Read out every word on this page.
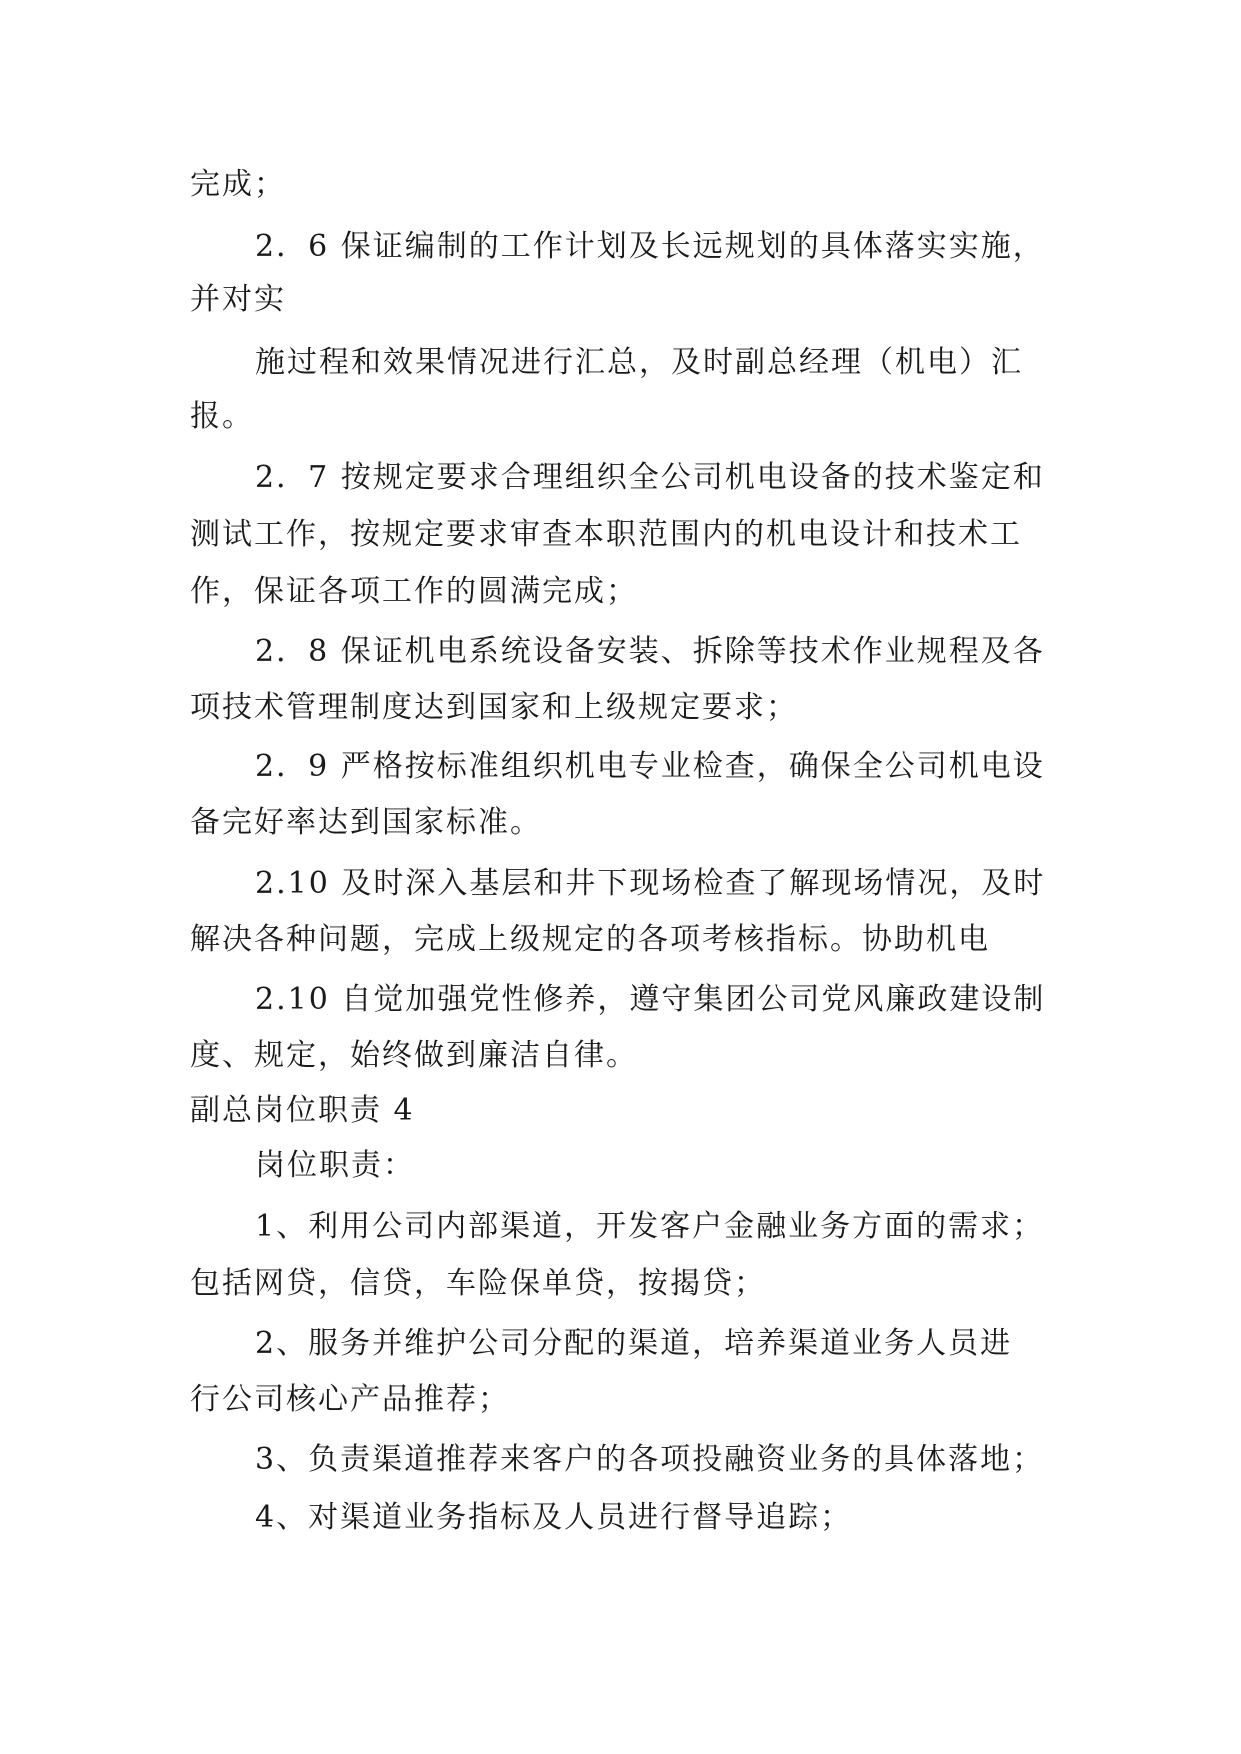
完成；
2．6 保证编制的工作计划及长远规划的具体落实实施，
并对实
施过程和效果情况进行汇总，及时副总经理（机电）汇
报。
2．7 按规定要求合理组织全公司机电设备的技术鉴定和
测试工作，按规定要求审查本职范围内的机电设计和技术工
作，保证各项工作的圆满完成；
2．8 保证机电系统设备安装、拆除等技术作业规程及各
项技术管理制度达到国家和上级规定要求；
2．9 严格按标准组织机电专业检查，确保全公司机电设
备完好率达到国家标准。
2.10 及时深入基层和井下现场检查了解现场情况，及时
解决各种问题，完成上级规定的各项考核指标。协助机电
2.10 自觉加强党性修养，遵守集团公司党风廉政建设制
度、规定，始终做到廉洁自律。
副总岗位职责 4
岗位职责：
1、利用公司内部渠道，开发客户金融业务方面的需求；
包括网贷，信贷，车险保单贷，按揭贷；
2、服务并维护公司分配的渠道，培养渠道业务人员进
行公司核心产品推荐；
3、负责渠道推荐来客户的各项投融资业务的具体落地；
4、对渠道业务指标及人员进行督导追踪；
